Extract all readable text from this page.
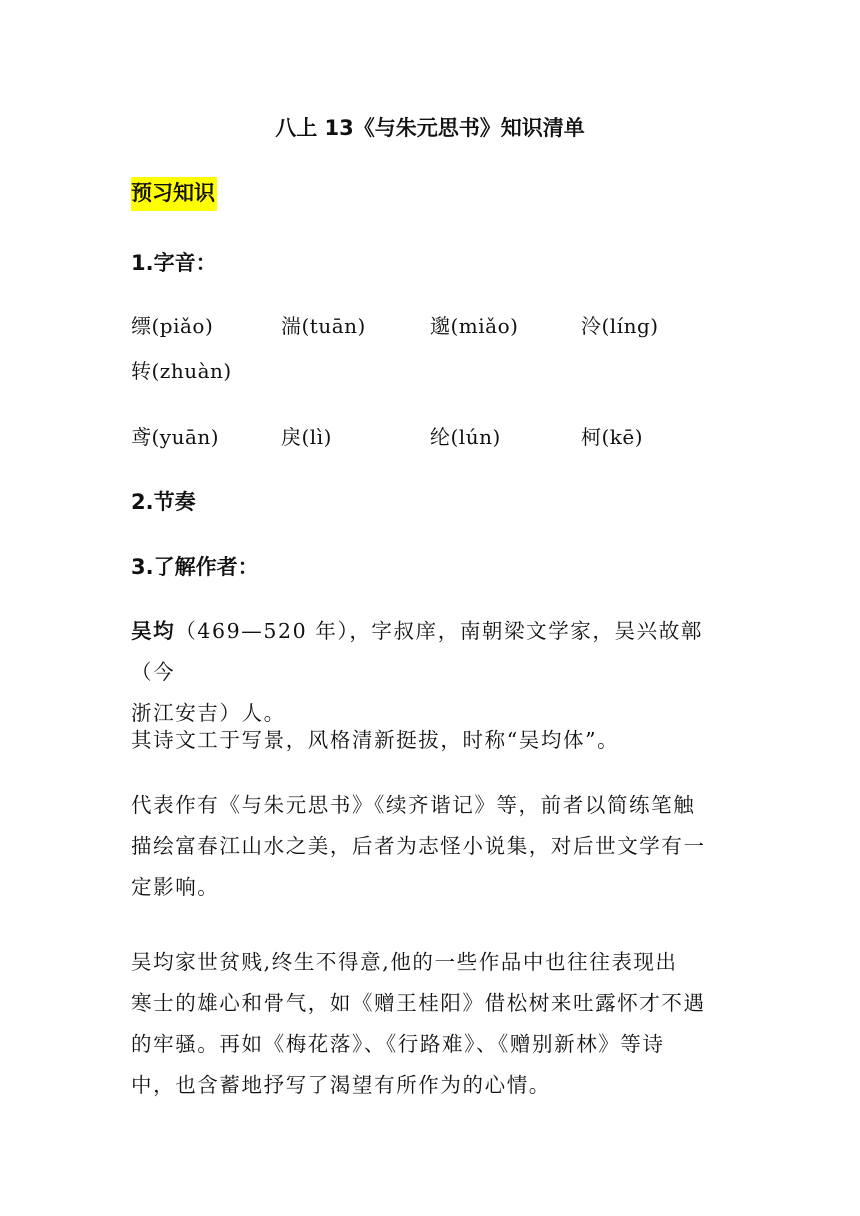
八上 13《与朱元思书》知识清单
预习知识
1.字音：
缥(piǎo)	湍(tuān)	邈(miǎo)	泠(líng)
转(zhuàn)
鸢(yuān)	戾(lì)	纶(lún)	柯(kē)
2.节奏
3.了解作者：

吴均（469—520 年），字叔庠，南朝梁文学家，吴兴故鄣（今

浙江安吉）人。

其诗文工于写景，风格清新挺拔，时称“吴均体”。

代表作有《与朱元思书》《续齐谐记》等，前者以简练笔触

描绘富春江山水之美，后者为志怪小说集，对后世文学有一

定影响。

吴均家世贫贱,终生不得意,他的一些作品中也往往表现出

寒士的雄心和骨气，如《赠王桂阳》借松树来吐露怀才不遇

的牢骚。再如《梅花落》、《行路难》、《赠别新林》等诗

中，也含蓄地抒写了渴望有所作为的心情。
